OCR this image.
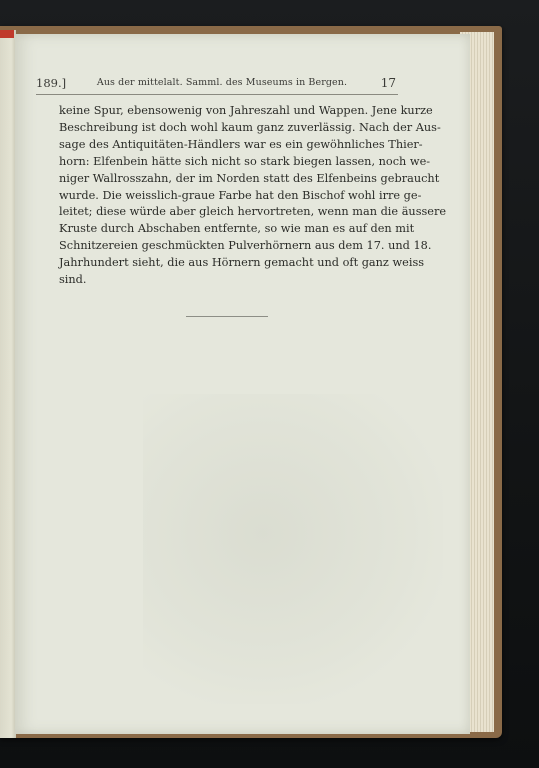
189.]	Aus der mittelalt. Samml. des Museums in Bergen.	17
keine Spur, ebensowenig von Jahreszahl und Wappen. Jene kurze
Beschreibung ist doch wohl kaum ganz zuverlässig. Nach der Aus-
sage des Antiquitäten-Händlers war es ein gewöhnliches Thier-
horn: Elfenbein hätte sich nicht so stark biegen lassen, noch we-
niger Wallrosszahn, der im Norden statt des Elfenbeins gebraucht
wurde. Die weisslich-graue Farbe hat den Bischof wohl irre ge-
leitet; diese würde aber gleich hervortreten, wenn man die äussere
Kruste durch Abschaben entfernte, so wie man es auf den mit
Schnitzereien geschmückten Pulverhörnern aus dem 17. und 18.
Jahrhundert sieht, die aus Hörnern gemacht und oft ganz weiss
sind.
